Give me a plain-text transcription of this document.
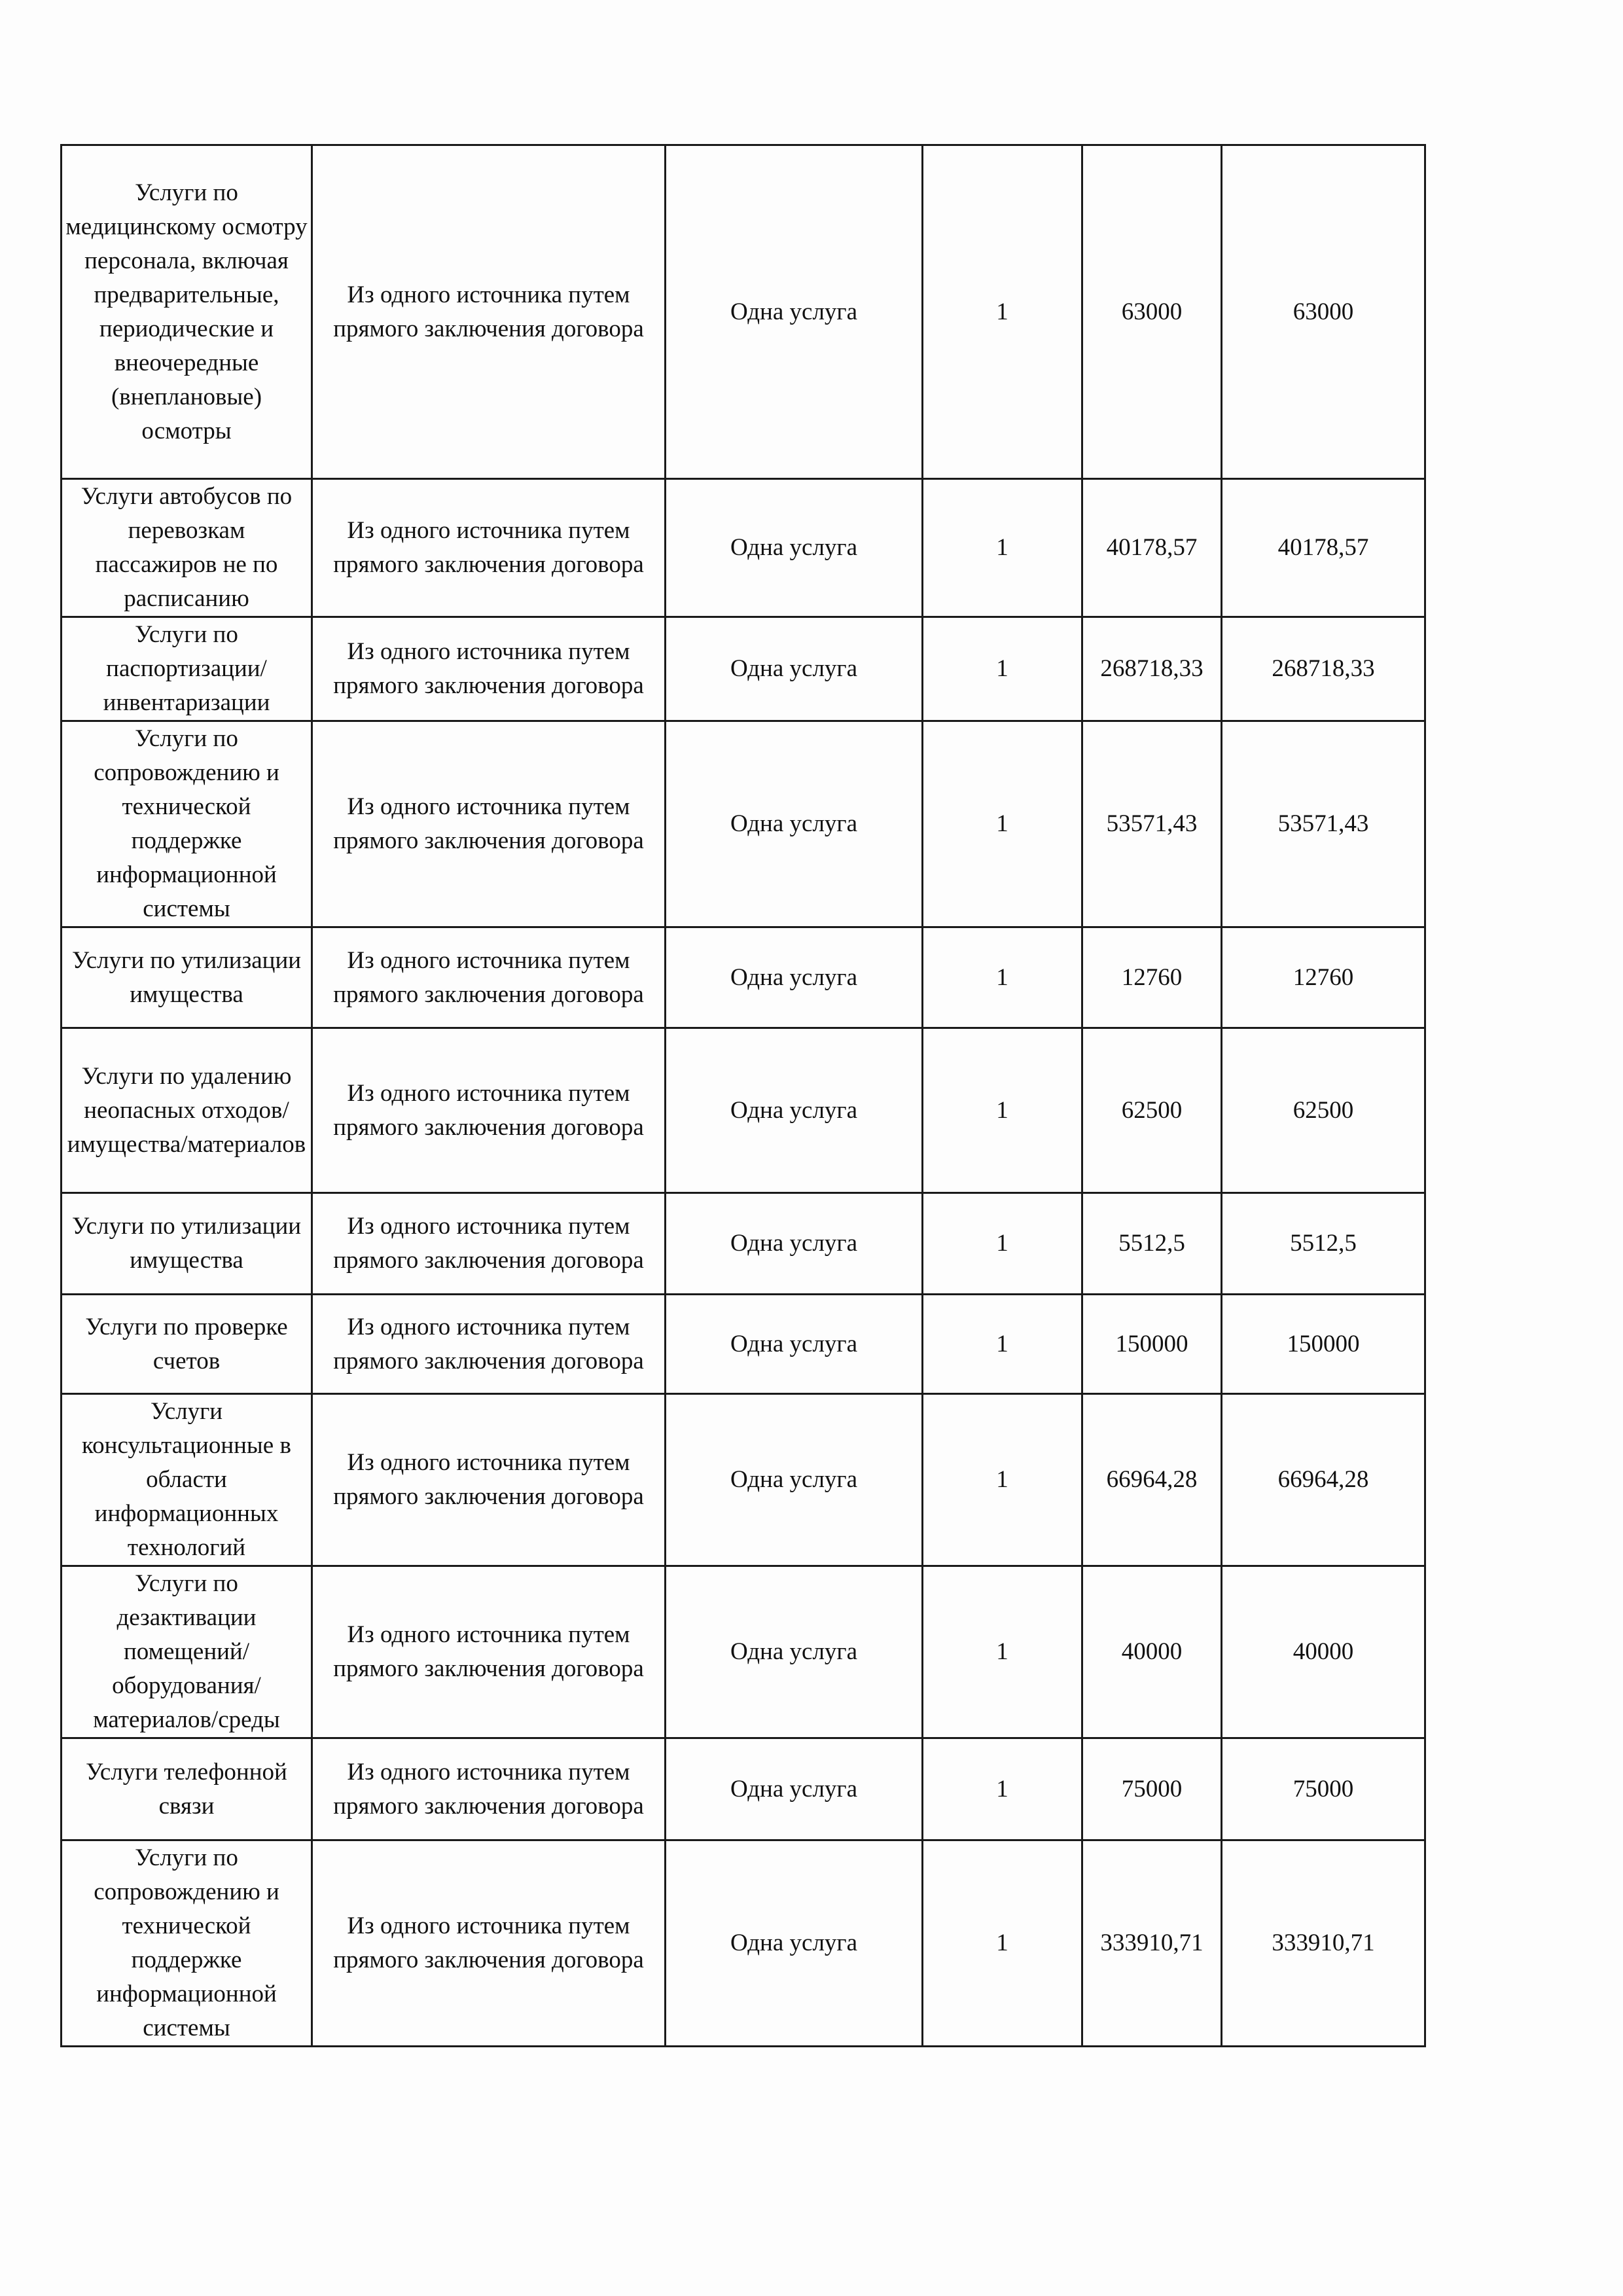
Услуги по медицинскому осмотру персонала, включая предварительные, периодические и внеочередные (внеплановые) осмотры	Из одного источника путем прямого заключения договора	Одна услуга	1	63000	63000
Услуги автобусов по перевозкам пассажиров не по расписанию	Из одного источника путем прямого заключения договора	Одна услуга	1	40178,57	40178,57
Услуги по паспортизации/инвентаризации	Из одного источника путем прямого заключения договора	Одна услуга	1	268718,33	268718,33
Услуги по сопровождению и технической поддержке информационной системы	Из одного источника путем прямого заключения договора	Одна услуга	1	53571,43	53571,43
Услуги по утилизации имущества	Из одного источника путем прямого заключения договора	Одна услуга	1	12760	12760
Услуги по удалению неопасных отходов/имущества/материалов	Из одного источника путем прямого заключения договора	Одна услуга	1	62500	62500
Услуги по утилизации имущества	Из одного источника путем прямого заключения договора	Одна услуга	1	5512,5	5512,5
Услуги по проверке счетов	Из одного источника путем прямого заключения договора	Одна услуга	1	150000	150000
Услуги консультационные в области информационных технологий	Из одного источника путем прямого заключения договора	Одна услуга	1	66964,28	66964,28
Услуги по дезактивации помещений/оборудования/материалов/среды	Из одного источника путем прямого заключения договора	Одна услуга	1	40000	40000
Услуги телефонной связи	Из одного источника путем прямого заключения договора	Одна услуга	1	75000	75000
Услуги по сопровождению и технической поддержке информационной системы	Из одного источника путем прямого заключения договора	Одна услуга	1	333910,71	333910,71
